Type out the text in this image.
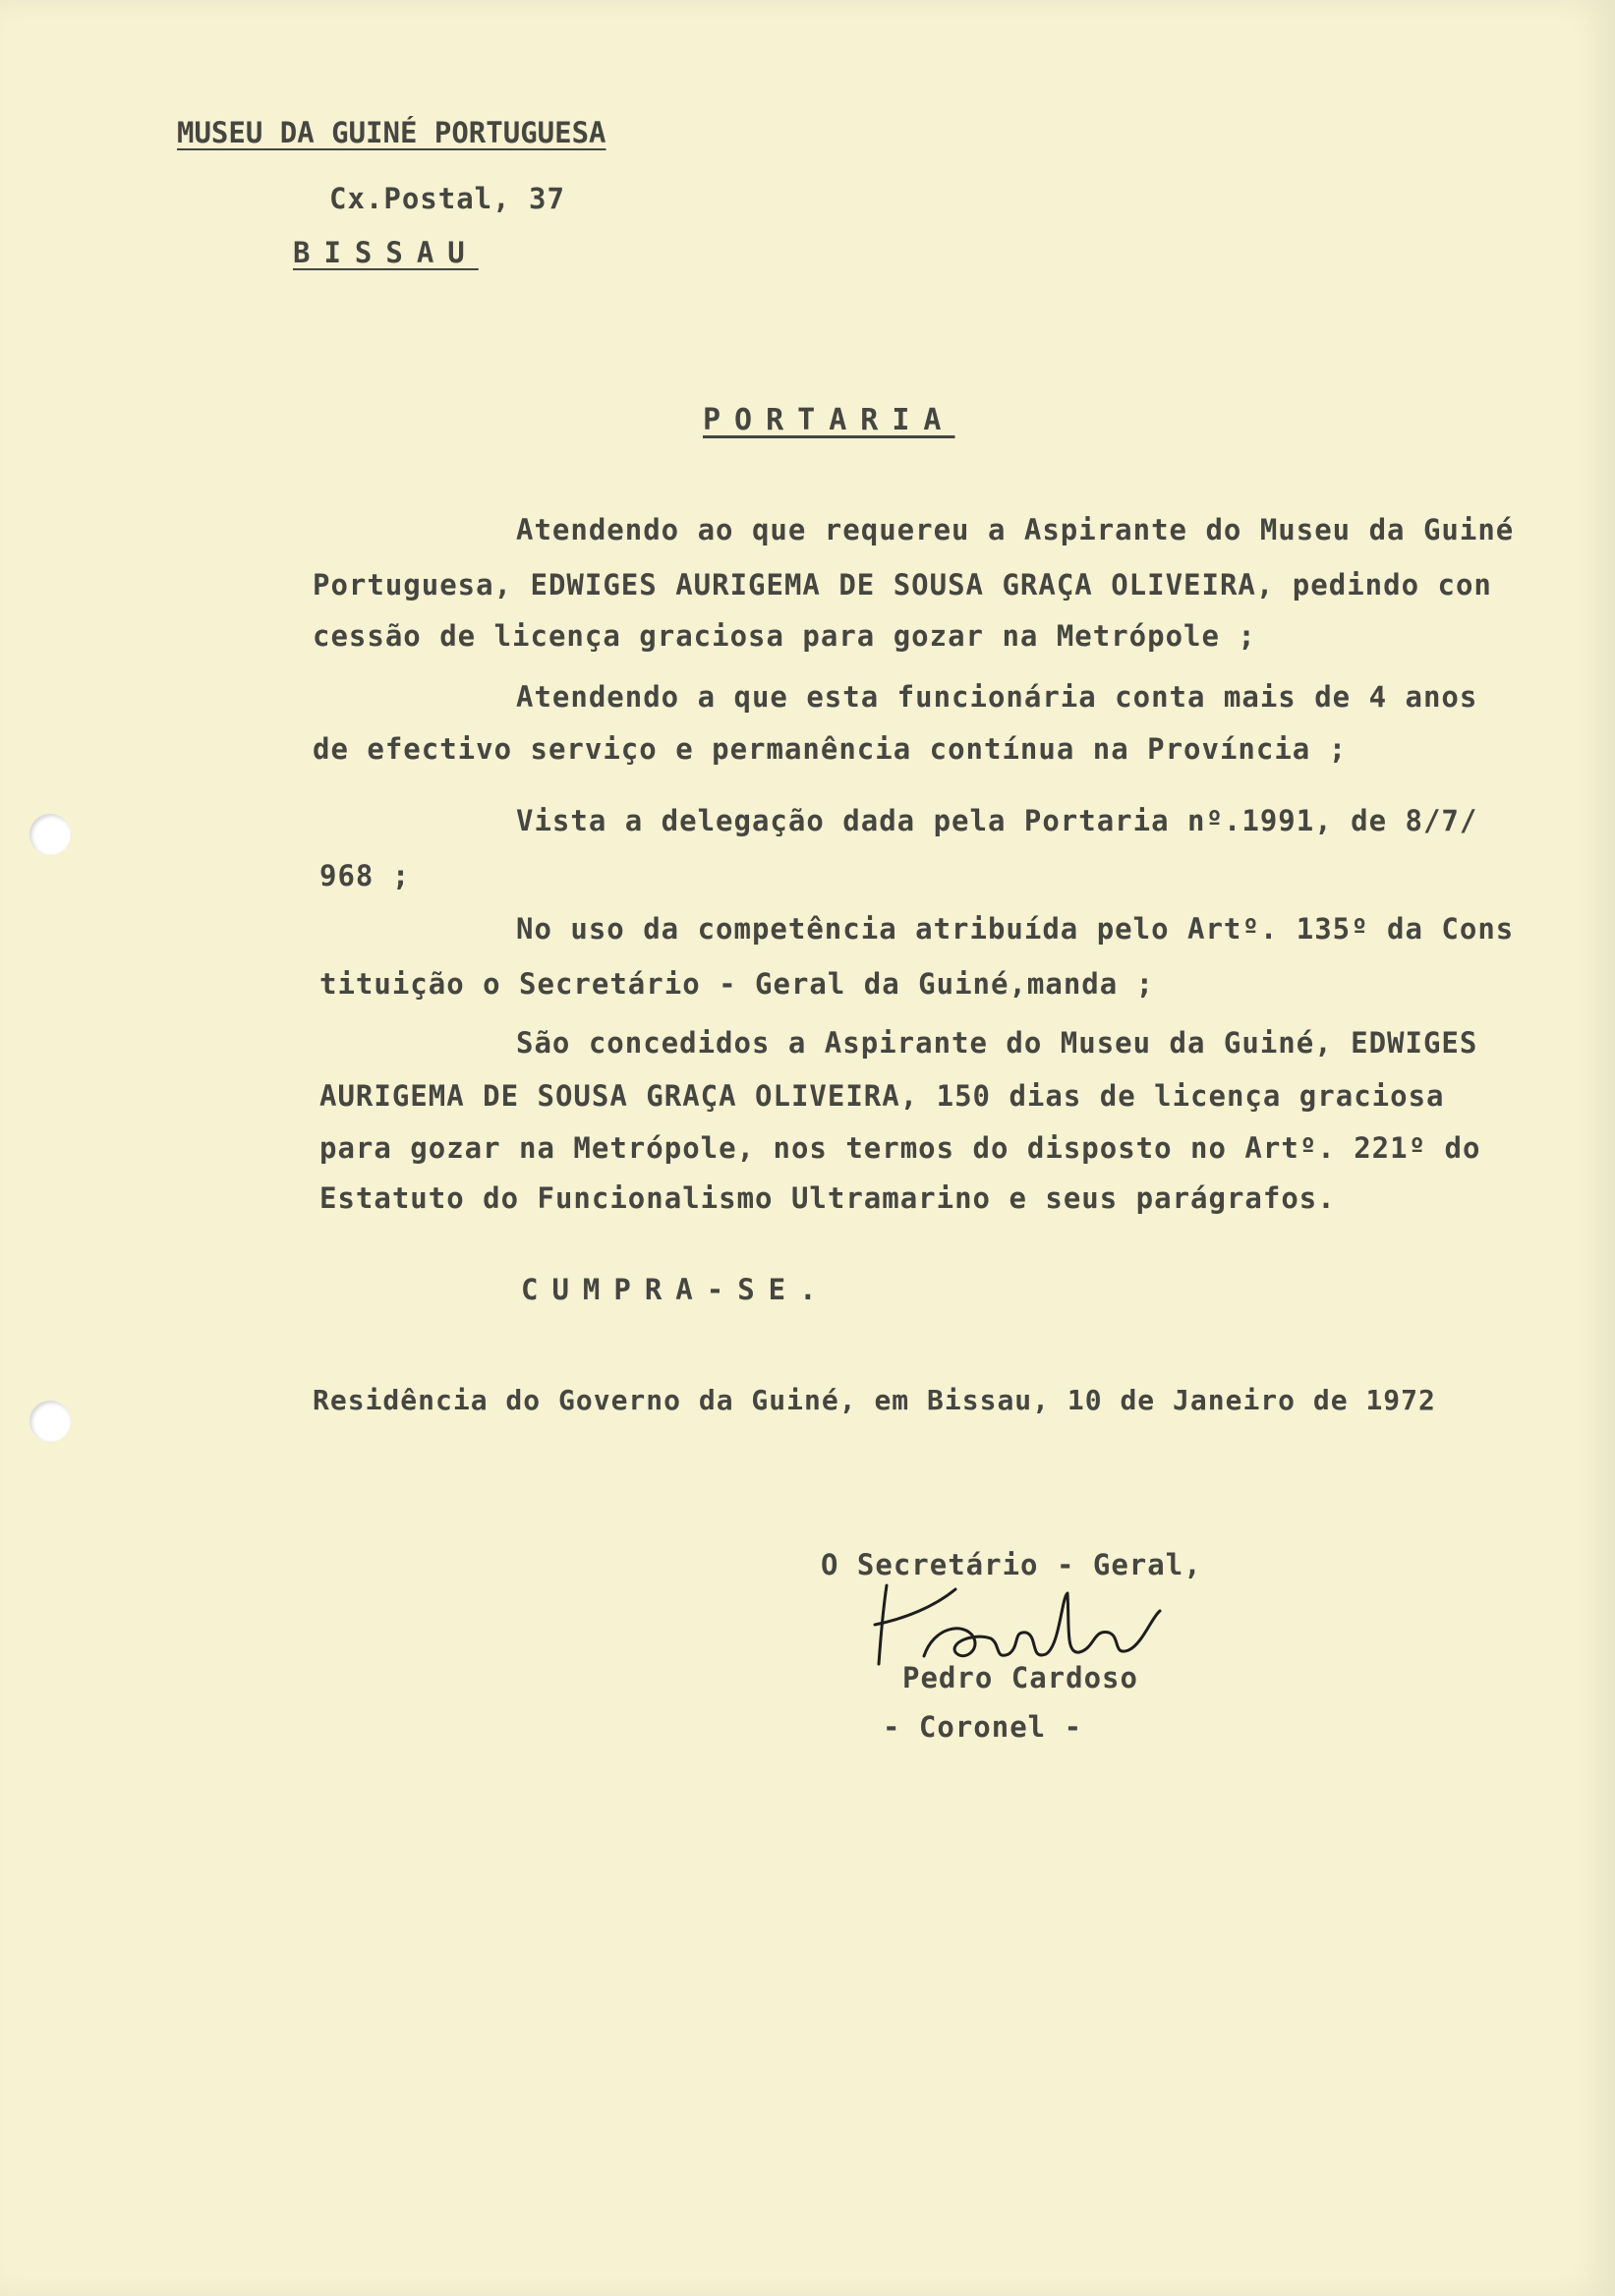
MUSEU DA GUINÉ PORTUGUESA

Cx.Postal, 37

BISSAU

PORTARIA

Atendendo ao que requereu a Aspirante do Museu da Guiné

Portuguesa, EDWIGES AURIGEMA DE SOUSA GRAÇA OLIVEIRA, pedindo con

cessão de licença graciosa para gozar na Metrópole ;

Atendendo a que esta funcionária conta mais de 4 anos

de efectivo serviço e permanência contínua na Província ;

Vista a delegação dada pela Portaria nº.1991, de 8/7/

968 ;

No uso da competência atribuída pelo Artº. 135º da Cons

tituição o Secretário - Geral da Guiné,manda ;

São concedidos a Aspirante do Museu da Guiné, EDWIGES

AURIGEMA DE SOUSA GRAÇA OLIVEIRA, 150 dias de licença graciosa

para gozar na Metrópole, nos termos do disposto no Artº. 221º do

Estatuto do Funcionalismo Ultramarino e seus parágrafos.

CUMPRA-SE.

Residência do Governo da Guiné, em Bissau, 10 de Janeiro de 1972

O Secretário - Geral,

Pedro Cardoso

- Coronel -
